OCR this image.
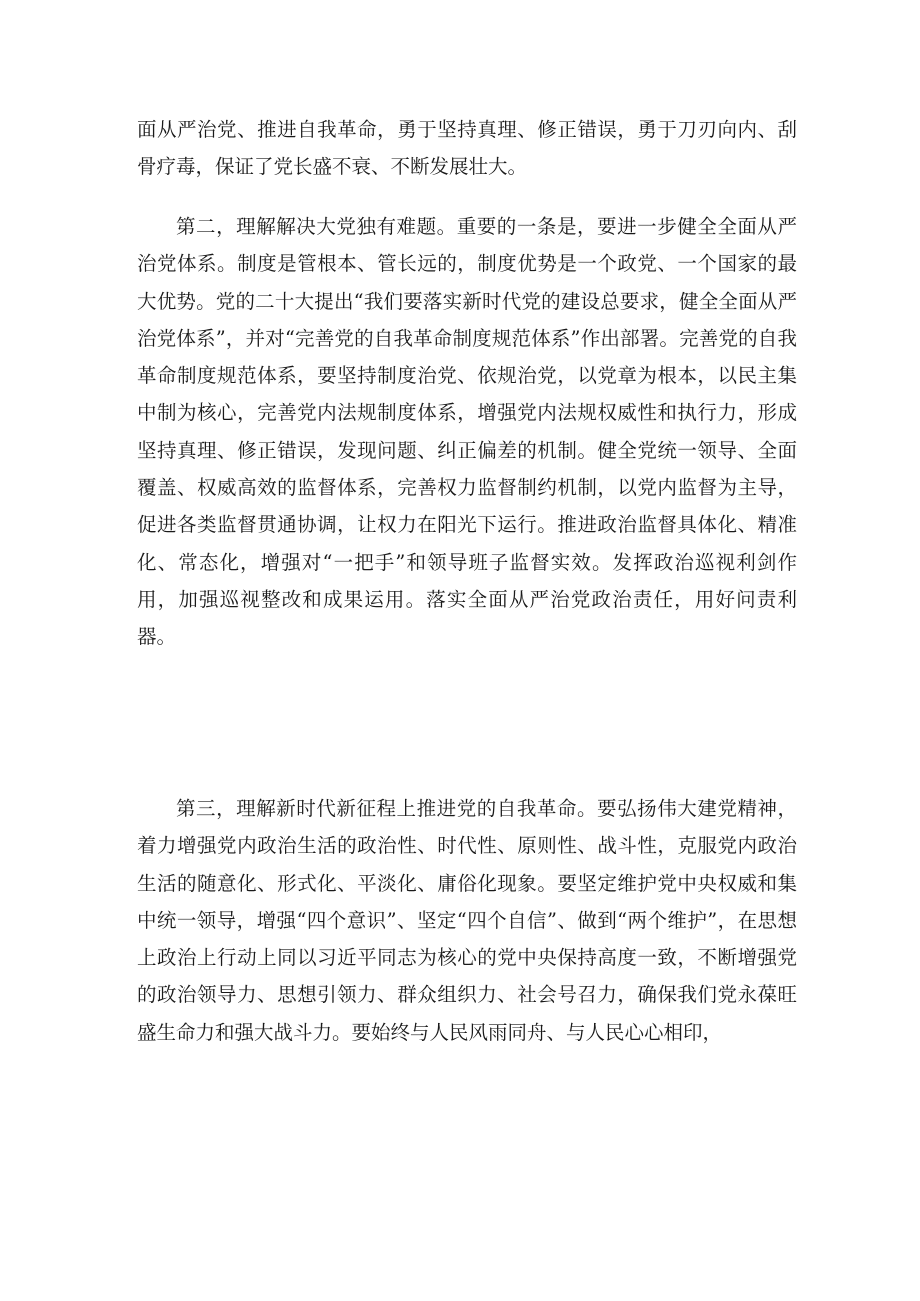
面从严治党、推进自我革命，勇于坚持真理、修正错误，勇于刀刃向内、刮骨疗毒，保证了党长盛不衰、不断发展壮大。

第二，理解解决大党独有难题。重要的一条是，要进一步健全全面从严治党体系。制度是管根本、管长远的，制度优势是一个政党、一个国家的最大优势。党的二十大提出“我们要落实新时代党的建设总要求，健全全面从严治党体系”，并对“完善党的自我革命制度规范体系”作出部署。完善党的自我革命制度规范体系，要坚持制度治党、依规治党，以党章为根本，以民主集中制为核心，完善党内法规制度体系，增强党内法规权威性和执行力，形成坚持真理、修正错误，发现问题、纠正偏差的机制。健全党统一领导、全面覆盖、权威高效的监督体系，完善权力监督制约机制，以党内监督为主导，促进各类监督贯通协调，让权力在阳光下运行。推进政治监督具体化、精准化、常态化，增强对“一把手”和领导班子监督实效。发挥政治巡视利剑作用，加强巡视整改和成果运用。落实全面从严治党政治责任，用好问责利器。

第三，理解新时代新征程上推进党的自我革命。要弘扬伟大建党精神，着力增强党内政治生活的政治性、时代性、原则性、战斗性，克服党内政治生活的随意化、形式化、平淡化、庸俗化现象。要坚定维护党中央权威和集中统一领导，增强“四个意识”、坚定“四个自信”、做到“两个维护”，在思想上政治上行动上同以习近平同志为核心的党中央保持高度一致，不断增强党的政治领导力、思想引领力、群众组织力、社会号召力，确保我们党永葆旺盛生命力和强大战斗力。要始终与人民风雨同舟、与人民心心相印，
